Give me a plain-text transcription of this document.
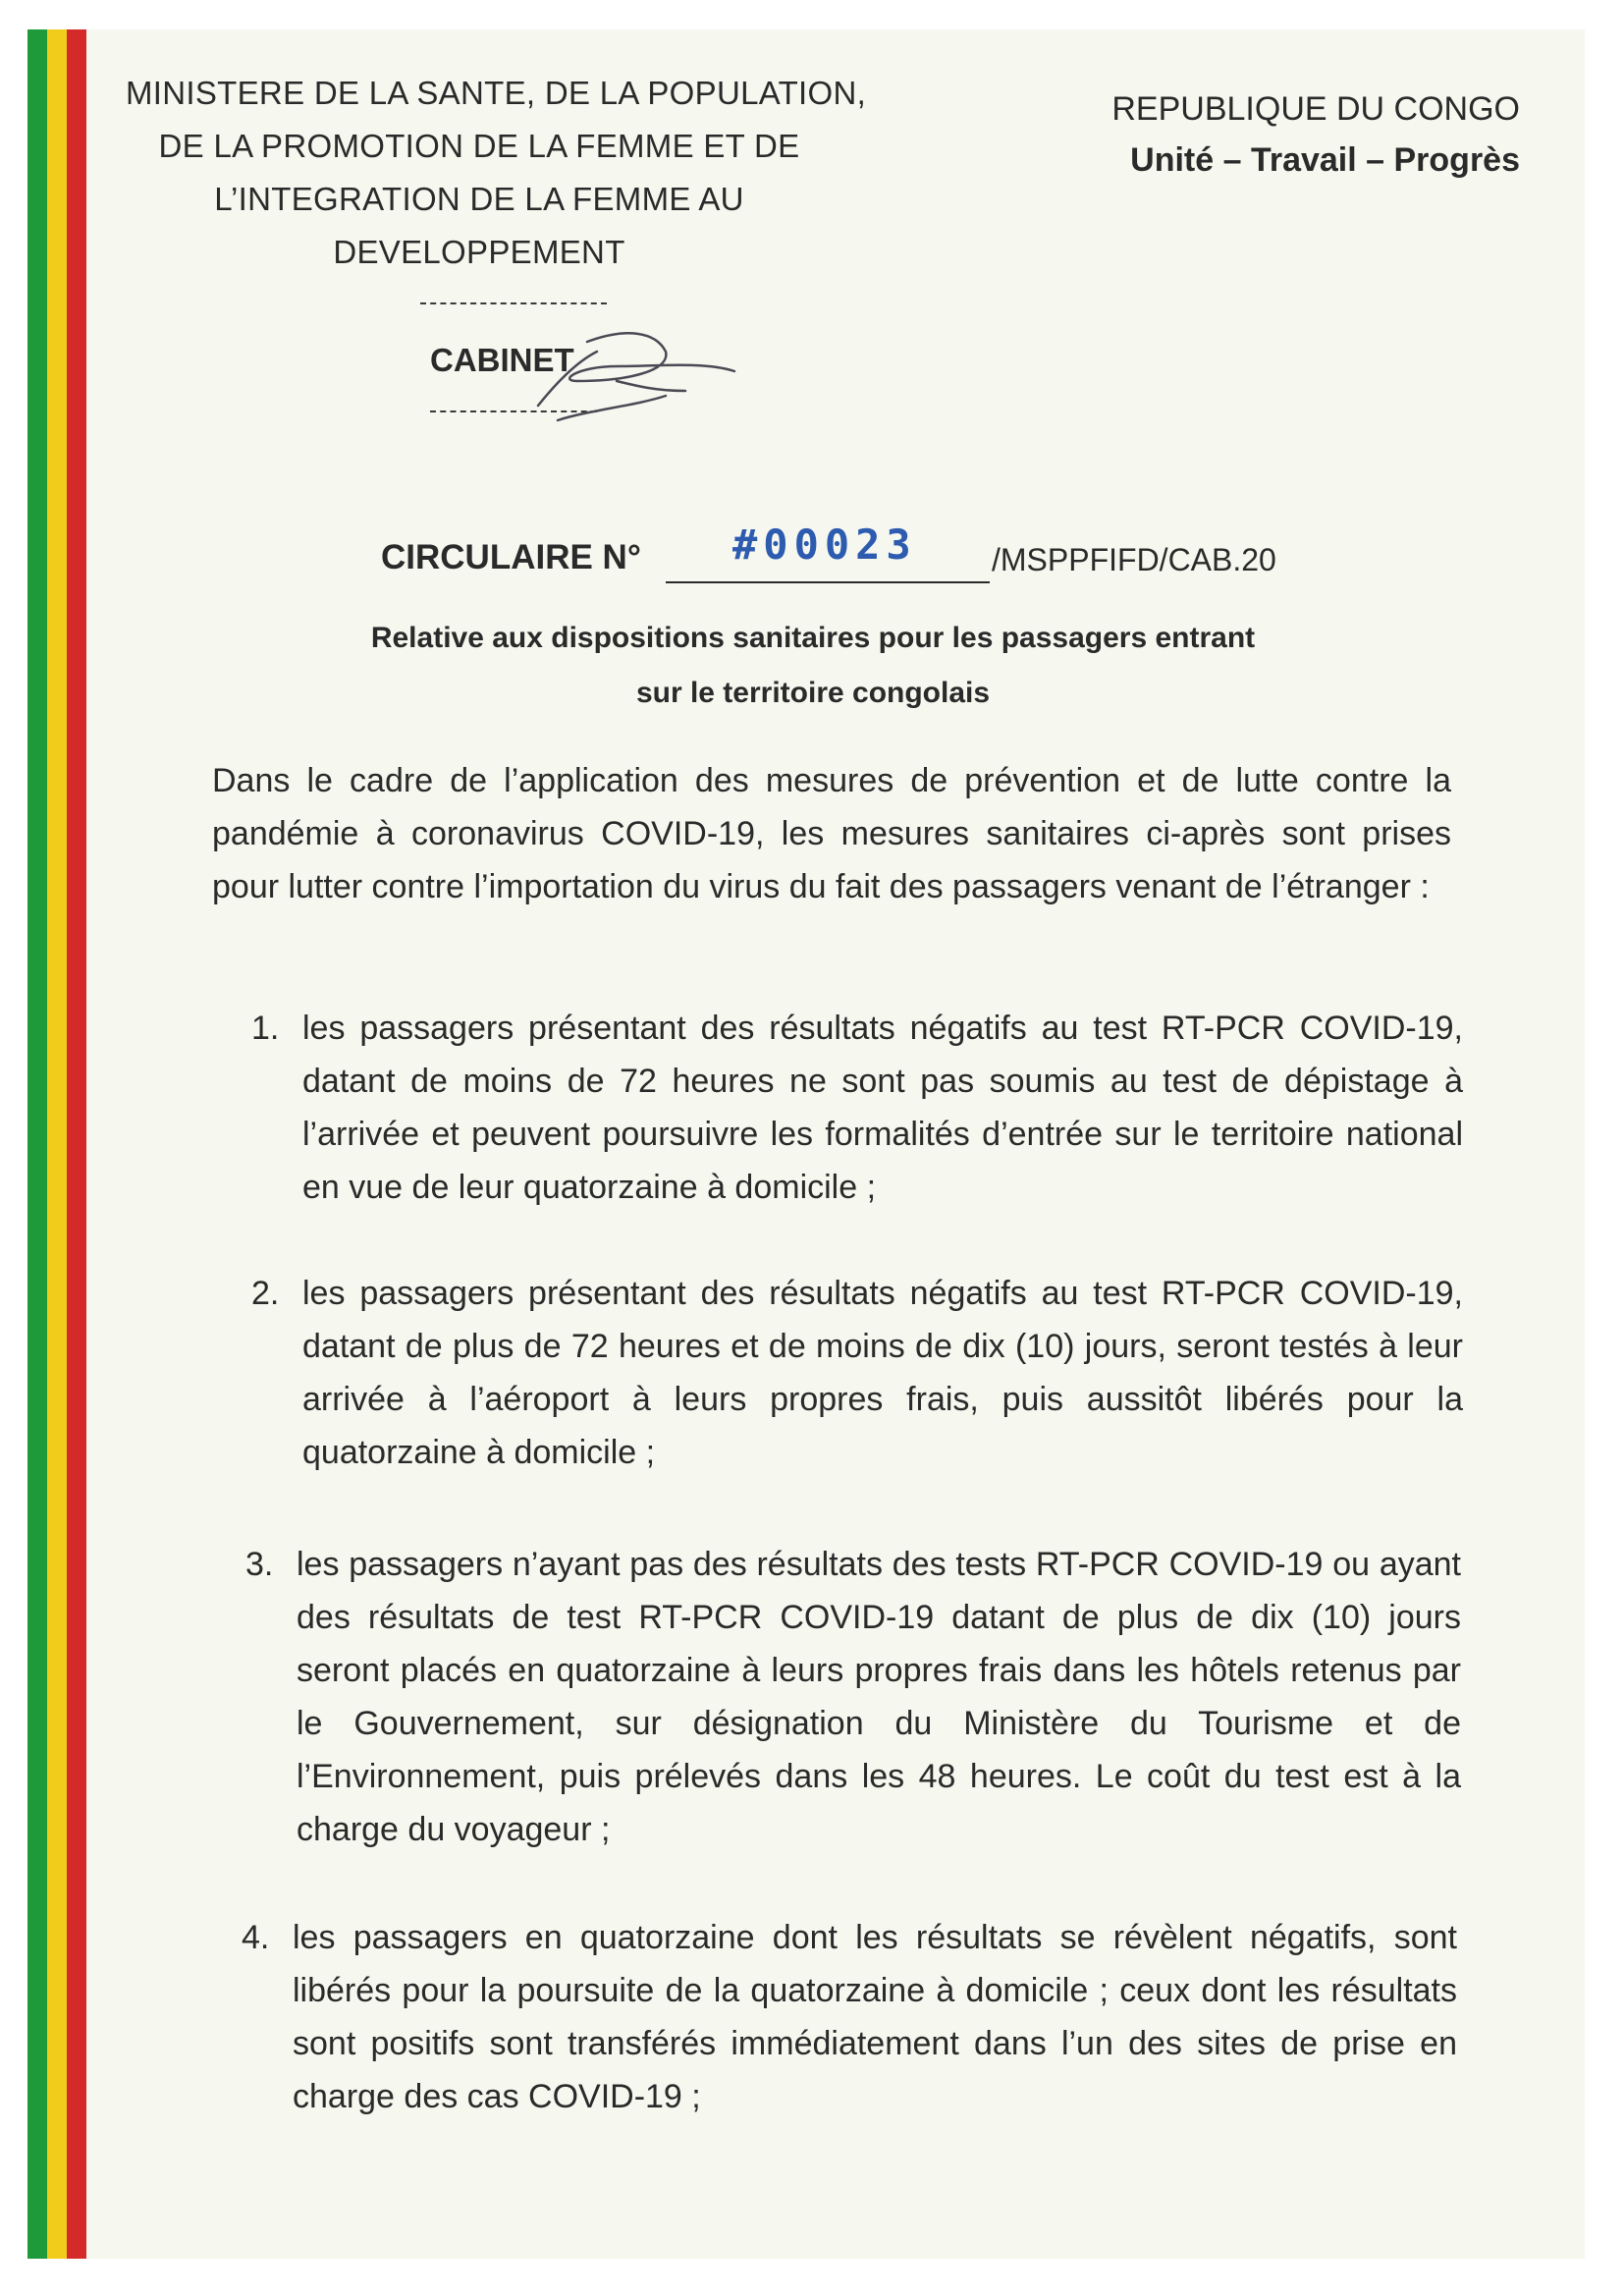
MINISTERE DE LA SANTE, DE LA POPULATION,
DE LA PROMOTION DE LA FEMME ET DE
L’INTEGRATION DE LA FEMME AU
DEVELOPPEMENT
CABINET
REPUBLIQUE DU CONGO
Unité – Travail – Progrès
CIRCULAIRE N° #00023 /MSPPFIFD/CAB.20
Relative aux dispositions sanitaires pour les passagers entrant
sur le territoire congolais
Dans le cadre de l’application des mesures de prévention et de lutte contre la pandémie à coronavirus COVID-19, les mesures sanitaires ci-après sont prises pour lutter contre l’importation du virus du fait des passagers venant de l’étranger :
1. les passagers présentant des résultats négatifs au test RT-PCR COVID-19, datant de moins de 72 heures ne sont pas soumis au test de dépistage à l’arrivée et peuvent poursuivre les formalités d’entrée sur le territoire national en vue de leur quatorzaine à domicile ;
2. les passagers présentant des résultats négatifs au test RT-PCR COVID-19, datant de plus de 72 heures et de moins de dix (10) jours, seront testés à leur arrivée à l’aéroport à leurs propres frais, puis aussitôt libérés pour la quatorzaine à domicile ;
3. les passagers n’ayant pas des résultats des tests RT-PCR COVID-19 ou ayant des résultats de test RT-PCR COVID-19 datant de plus de dix (10) jours seront placés en quatorzaine à leurs propres frais dans les hôtels retenus par le Gouvernement, sur désignation du Ministère du Tourisme et de l’Environnement, puis prélevés dans les 48 heures. Le coût du test est à la charge du voyageur ;
4. les passagers en quatorzaine dont les résultats se révèlent négatifs, sont libérés pour la poursuite de la quatorzaine à domicile ; ceux dont les résultats sont positifs sont transférés immédiatement dans l’un des sites de prise en charge des cas COVID-19 ;
